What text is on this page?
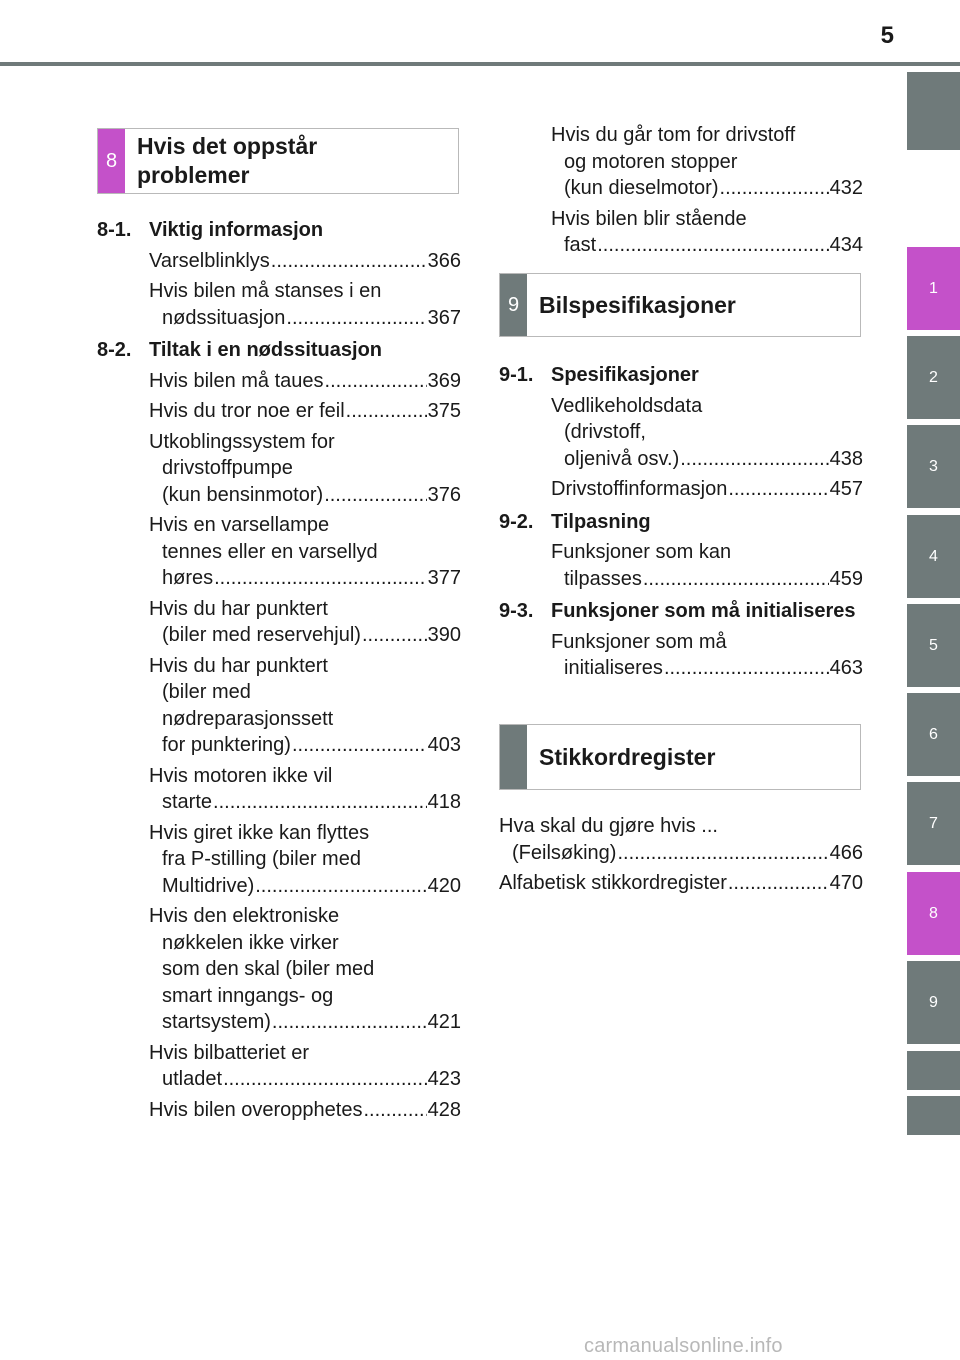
5
1
2
3
4
5
6
7
8
9
8
Hvis det oppstår
problemer
8-1. Viktig informasjon
Varselblinklys .....	366
Hvis bilen må stanses i en
nødssituasjon .....	367
8-2. Tiltak i en nødssituasjon
Hvis bilen må taues .....	369
Hvis du tror noe er feil .....	375
Utkoblingssystem for
drivstoffpumpe
(kun bensinmotor) .....	376
Hvis en varsellampe
tennes eller en varsellyd
høres .....	377
Hvis du har punktert
(biler med reservehjul) .....	390
Hvis du har punktert
(biler med
nødreparasjonssett
for punktering) .....	403
Hvis motoren ikke vil
starte .....	418
Hvis giret ikke kan flyttes
fra P-stilling (biler med
Multidrive) .....	420
Hvis den elektroniske
nøkkelen ikke virker
som den skal (biler med
smart inngangs- og
startsystem) .....	421
Hvis bilbatteriet er
utladet .....	423
Hvis bilen overopphetes .....	428
Hvis du går tom for drivstoff
og motoren stopper
(kun dieselmotor) .....	432
Hvis bilen blir stående
fast .....	434
9 Bilspesifikasjoner
9-1. Spesifikasjoner
Vedlikeholdsdata
(drivstoff,
oljenivå osv.) .....	438
Drivstoffinformasjon .....	457
9-2. Tilpasning
Funksjoner som kan
tilpasses .....	459
9-3. Funksjoner som må initialiseres
Funksjoner som må
initialiseres .....	463
Stikkordregister
Hva skal du gjøre hvis ...
(Feilsøking) .....	466
Alfabetisk stikkordregister .....	470
carmanualsonline.info
